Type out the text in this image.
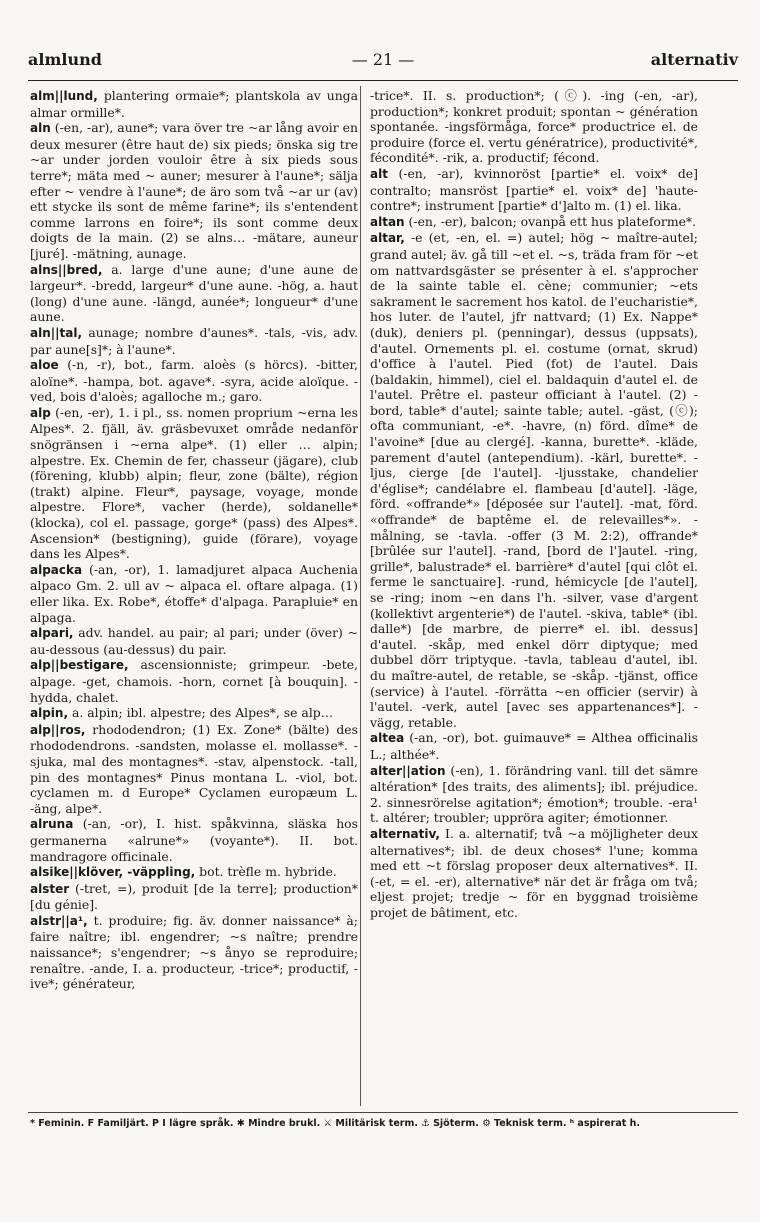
almlund	— 21 —	alternativ
alm||lund, plantering ormaie*; plantskola av unga almar ormille*.
aln (-en, -ar), aune*; vara över tre ~ar lång avoir en deux mesurer (être haut de) six pieds; önska sig tre ~ar under jorden vouloir être à six pieds sous terre*; mäta med ~ auner; mesurer à l'aune*; sälja efter ~ vendre à l'aune*; de äro som två ~ar ur (av) ett stycke ils sont de même farine*; ils s'entendent comme larrons en foire*; ils sont comme deux doigts de la main. (2) se alns… -mätare, auneur [juré]. -mätning, aunage.
alns||bred, a. large d'une aune; d'une aune de largeur*. -bredd, largeur* d'une aune. -hög, a. haut (long) d'une aune. -längd, aunée*; longueur* d'une aune.
aln||tal, aunage; nombre d'aunes*. -tals, -vis, adv. par aune[s]*; à l'aune*.
aloe (-n, -r), bot., farm. aloès (s hörcs). -bitter, aloïne*. -hampa, bot. agave*. -syra, acide aloïque. -ved, bois d'aloès; agalloche m.; garo.
alp (-en, -er), 1. i pl., ss. nomen proprium ~erna les Alpes*. 2. fjäll, äv. gräsbevuxet område nedanför snögränsen i ~erna alpe*. (1) eller … alpin; alpestre. Ex. Chemin de fer, chasseur (jägare), club (förening, klubb) alpin; fleur, zone (bälte), région (trakt) alpine. Fleur*, paysage, voyage, monde alpestre. Flore*, vacher (herde), soldanelle* (klocka), col el. passage, gorge* (pass) des Alpes*. Ascension* (bestigning), guide (förare), voyage dans les Alpes*.
alpacka (-an, -or), 1. lamadjuret alpaca Auchenia alpaco Gm. 2. ull av ~ alpaca el. oftare alpaga. (1) eller lika. Ex. Robe*, étoffe* d'alpaga. Parapluie* en alpaga.
alpari, adv. handel. au pair; al pari; under (över) ~ au-dessous (au-dessus) du pair.
alp||bestigare, ascensionniste; grimpeur. -bete, alpage. -get, chamois. -horn, cornet [à bouquin]. -hydda, chalet.
alpin, a. alpin; ibl. alpestre; des Alpes*, se alp…
alp||ros, rhododendron; (1) Ex. Zone* (bälte) des rhododendrons. -sandsten, molasse el. mollasse*. -sjuka, mal des montagnes*. -stav, alpenstock. -tall, pin des montagnes* Pinus montana L. -viol, bot. cyclamen m. d Europe* Cyclamen europæum L. -äng, alpe*.
alruna (-an, -or), I. hist. spåkvinna, släska hos germanerna «alrune*» (voyante*). II. bot. mandragore officinale.
alsike||klöver, -väppling, bot. trèfle m. hybride.
alster (-tret, =), produit [de la terre]; production* [du génie].
alstr||a¹, t. produire; fig. äv. donner naissance* à; faire naître; ibl. engendrer; ~s naître; prendre naissance*; s'engendrer; ~s ånyo se reproduire; renaître. -ande, I. a. producteur, -trice*; productif, -ive*; générateur,
-trice*. II. s. production*; (ⓒ). -ing (-en, -ar), production*; konkret produit; spontan ~ génération spontanée. -ingsförmåga, force* productrice el. de produire (force el. vertu génératrice), productivité*, fécondité*. -rik, a. productif; fécond.
alt (-en, -ar), kvinnoröst [partie* el. voix* de] contralto; mansröst [partie* el. voix* de] 'haute-contre*; instrument [partie* d']alto m. (1) el. lika.
altan (-en, -er), balcon; ovanpå ett hus plateforme*.
altar, -e (et, -en, el. =) autel; hög ~ maître-autel; grand autel; äv. gå till ~et el. ~s, träda fram för ~et om nattvardsgäster se présenter à el. s'approcher de la sainte table el. cène; communier; ~ets sakrament le sacrement hos katol. de l'eucharistie*, hos luter. de l'autel, jfr nattvard; (1) Ex. Nappe* (duk), deniers pl. (penningar), dessus (uppsats), d'autel. Ornements pl. el. costume (ornat, skrud) d'office à l'autel. Pied (fot) de l'autel. Dais (baldakin, himmel), ciel el. baldaquin d'autel el. de l'autel. Prêtre el. pasteur officiant à l'autel. (2) -bord, table* d'autel; sainte table; autel. -gäst, (ⓒ); ofta communiant, -e*. -havre, (n) förd. dîme* de l'avoine* [due au clergé]. -kanna, burette*. -kläde, parement d'autel (antependium). -kärl, burette*. -ljus, cierge [de l'autel]. -ljusstake, chandelier d'église*; candélabre el. flambeau [d'autel]. -läge, förd. «offrande*» [déposée sur l'autel]. -mat, förd. «offrande* de baptême el. de relevailles*». -målning, se -tavla. -offer (3 M. 2:2), offrande* [brûlée sur l'autel]. -rand, [bord de l']autel. -ring, grille*, balustrade* el. barrière* d'autel [qui clôt el. ferme le sanctuaire]. -rund, hémicycle [de l'autel], se -ring; inom ~en dans l'h. -silver, vase d'argent (kollektivt argenterie*) de l'autel. -skiva, table* (ibl. dalle*) [de marbre, de pierre* el. ibl. dessus] d'autel. -skåp, med enkel dörr diptyque; med dubbel dörr triptyque. -tavla, tableau d'autel, ibl. du maître-autel, de retable, se -skåp. -tjänst, office (service) à l'autel. -förrätta ~en officier (servir) à l'autel. -verk, autel [avec ses appartenances*]. -vägg, retable.
altea (-an, -or), bot. guimauve* = Althea officinalis L.; althée*.
alter||ation (-en), 1. förändring vanl. till det sämre altération* [des traits, des aliments]; ibl. préjudice. 2. sinnesrörelse agitation*; émotion*; trouble. -era¹ t. altérer; troubler; upprörа agiter; émotionner.
alternativ, I. a. alternatif; två ~a möjligheter deux alternatives*; ibl. de deux choses* l'une; komma med ett ~t förslag proposer deux alternatives*. II. (-et, = el. -er), alternative* när det är fråga om två; eljest projet; tredje ~ för en byggnad troisième projet de bâtiment, etc.
* Feminin. F Familjärt. P I lägre språk. ✱ Mindre brukl. ⚔ Militärisk term. ⚓ Sjöterm. ⚙ Teknisk term. ʰ aspirerat h.
